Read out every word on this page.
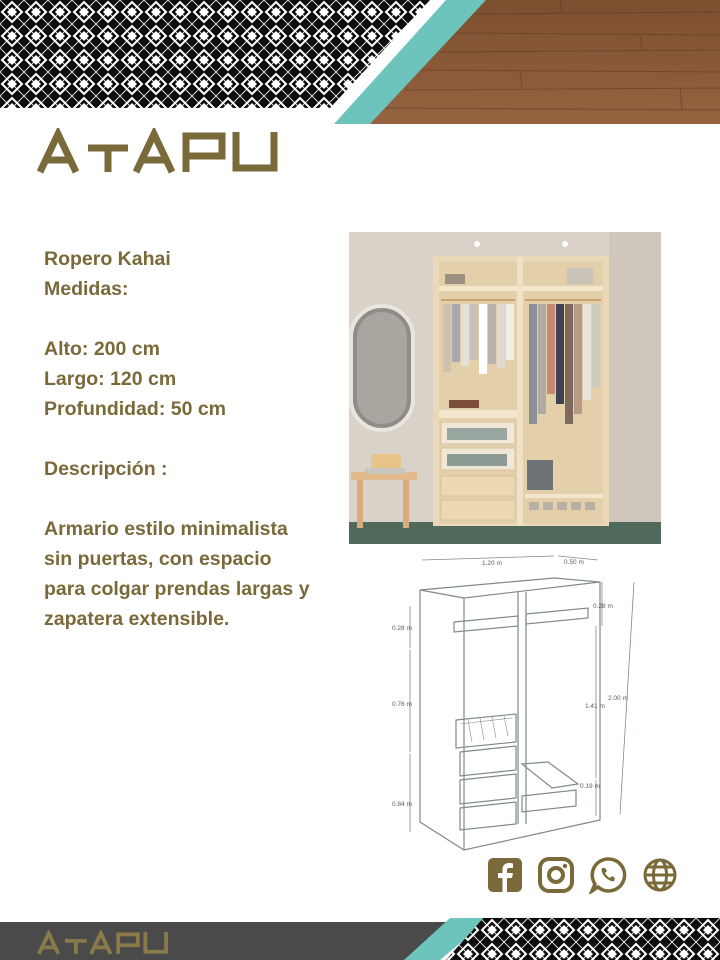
Ropero Kahai
Medidas:
Alto: 200 cm
Largo: 120 cm
Profundidad: 50 cm
Descripción :
Armario estilo minimalista
sin puertas, con espacio
para colgar prendas largas y
zapatera extensible.
1.20 m	0.50 m
0.28 m
0.28 m
0.76 m	1.41 m
2.00 m
0.19 m
0.84 m
